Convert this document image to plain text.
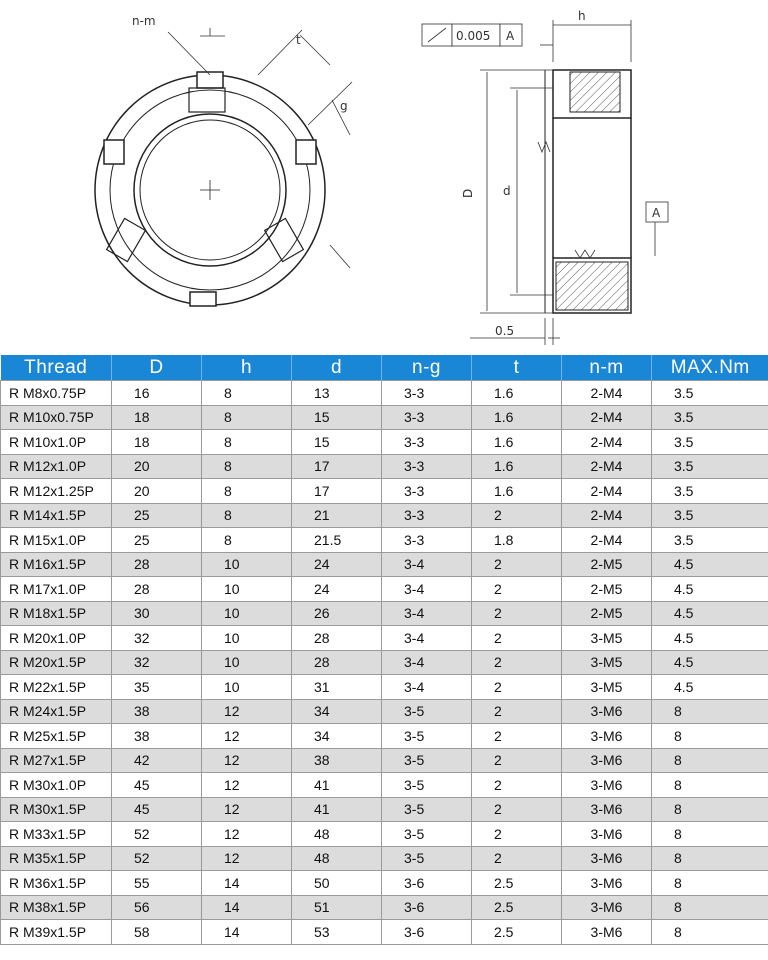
n-m
t
g
h
D d
0.5
0.005 A
A
Thread	D	h	d	n-g	t	n-m	MAX.Nm
R M8x0.75P	16	8	13	3-3	1.6	2-M4	3.5
R M10x0.75P	18	8	15	3-3	1.6	2-M4	3.5
R M10x1.0P	18	8	15	3-3	1.6	2-M4	3.5
R M12x1.0P	20	8	17	3-3	1.6	2-M4	3.5
R M12x1.25P	20	8	17	3-3	1.6	2-M4	3.5
R M14x1.5P	25	8	21	3-3	2	2-M4	3.5
R M15x1.0P	25	8	21.5	3-3	1.8	2-M4	3.5
R M16x1.5P	28	10	24	3-4	2	2-M5	4.5
R M17x1.0P	28	10	24	3-4	2	2-M5	4.5
R M18x1.5P	30	10	26	3-4	2	2-M5	4.5
R M20x1.0P	32	10	28	3-4	2	3-M5	4.5
R M20x1.5P	32	10	28	3-4	2	3-M5	4.5
R M22x1.5P	35	10	31	3-4	2	3-M5	4.5
R M24x1.5P	38	12	34	3-5	2	3-M6	8
R M25x1.5P	38	12	34	3-5	2	3-M6	8
R M27x1.5P	42	12	38	3-5	2	3-M6	8
R M30x1.0P	45	12	41	3-5	2	3-M6	8
R M30x1.5P	45	12	41	3-5	2	3-M6	8
R M33x1.5P	52	12	48	3-5	2	3-M6	8
R M35x1.5P	52	12	48	3-5	2	3-M6	8
R M36x1.5P	55	14	50	3-6	2.5	3-M6	8
R M38x1.5P	56	14	51	3-6	2.5	3-M6	8
R M39x1.5P	58	14	53	3-6	2.5	3-M6	8
